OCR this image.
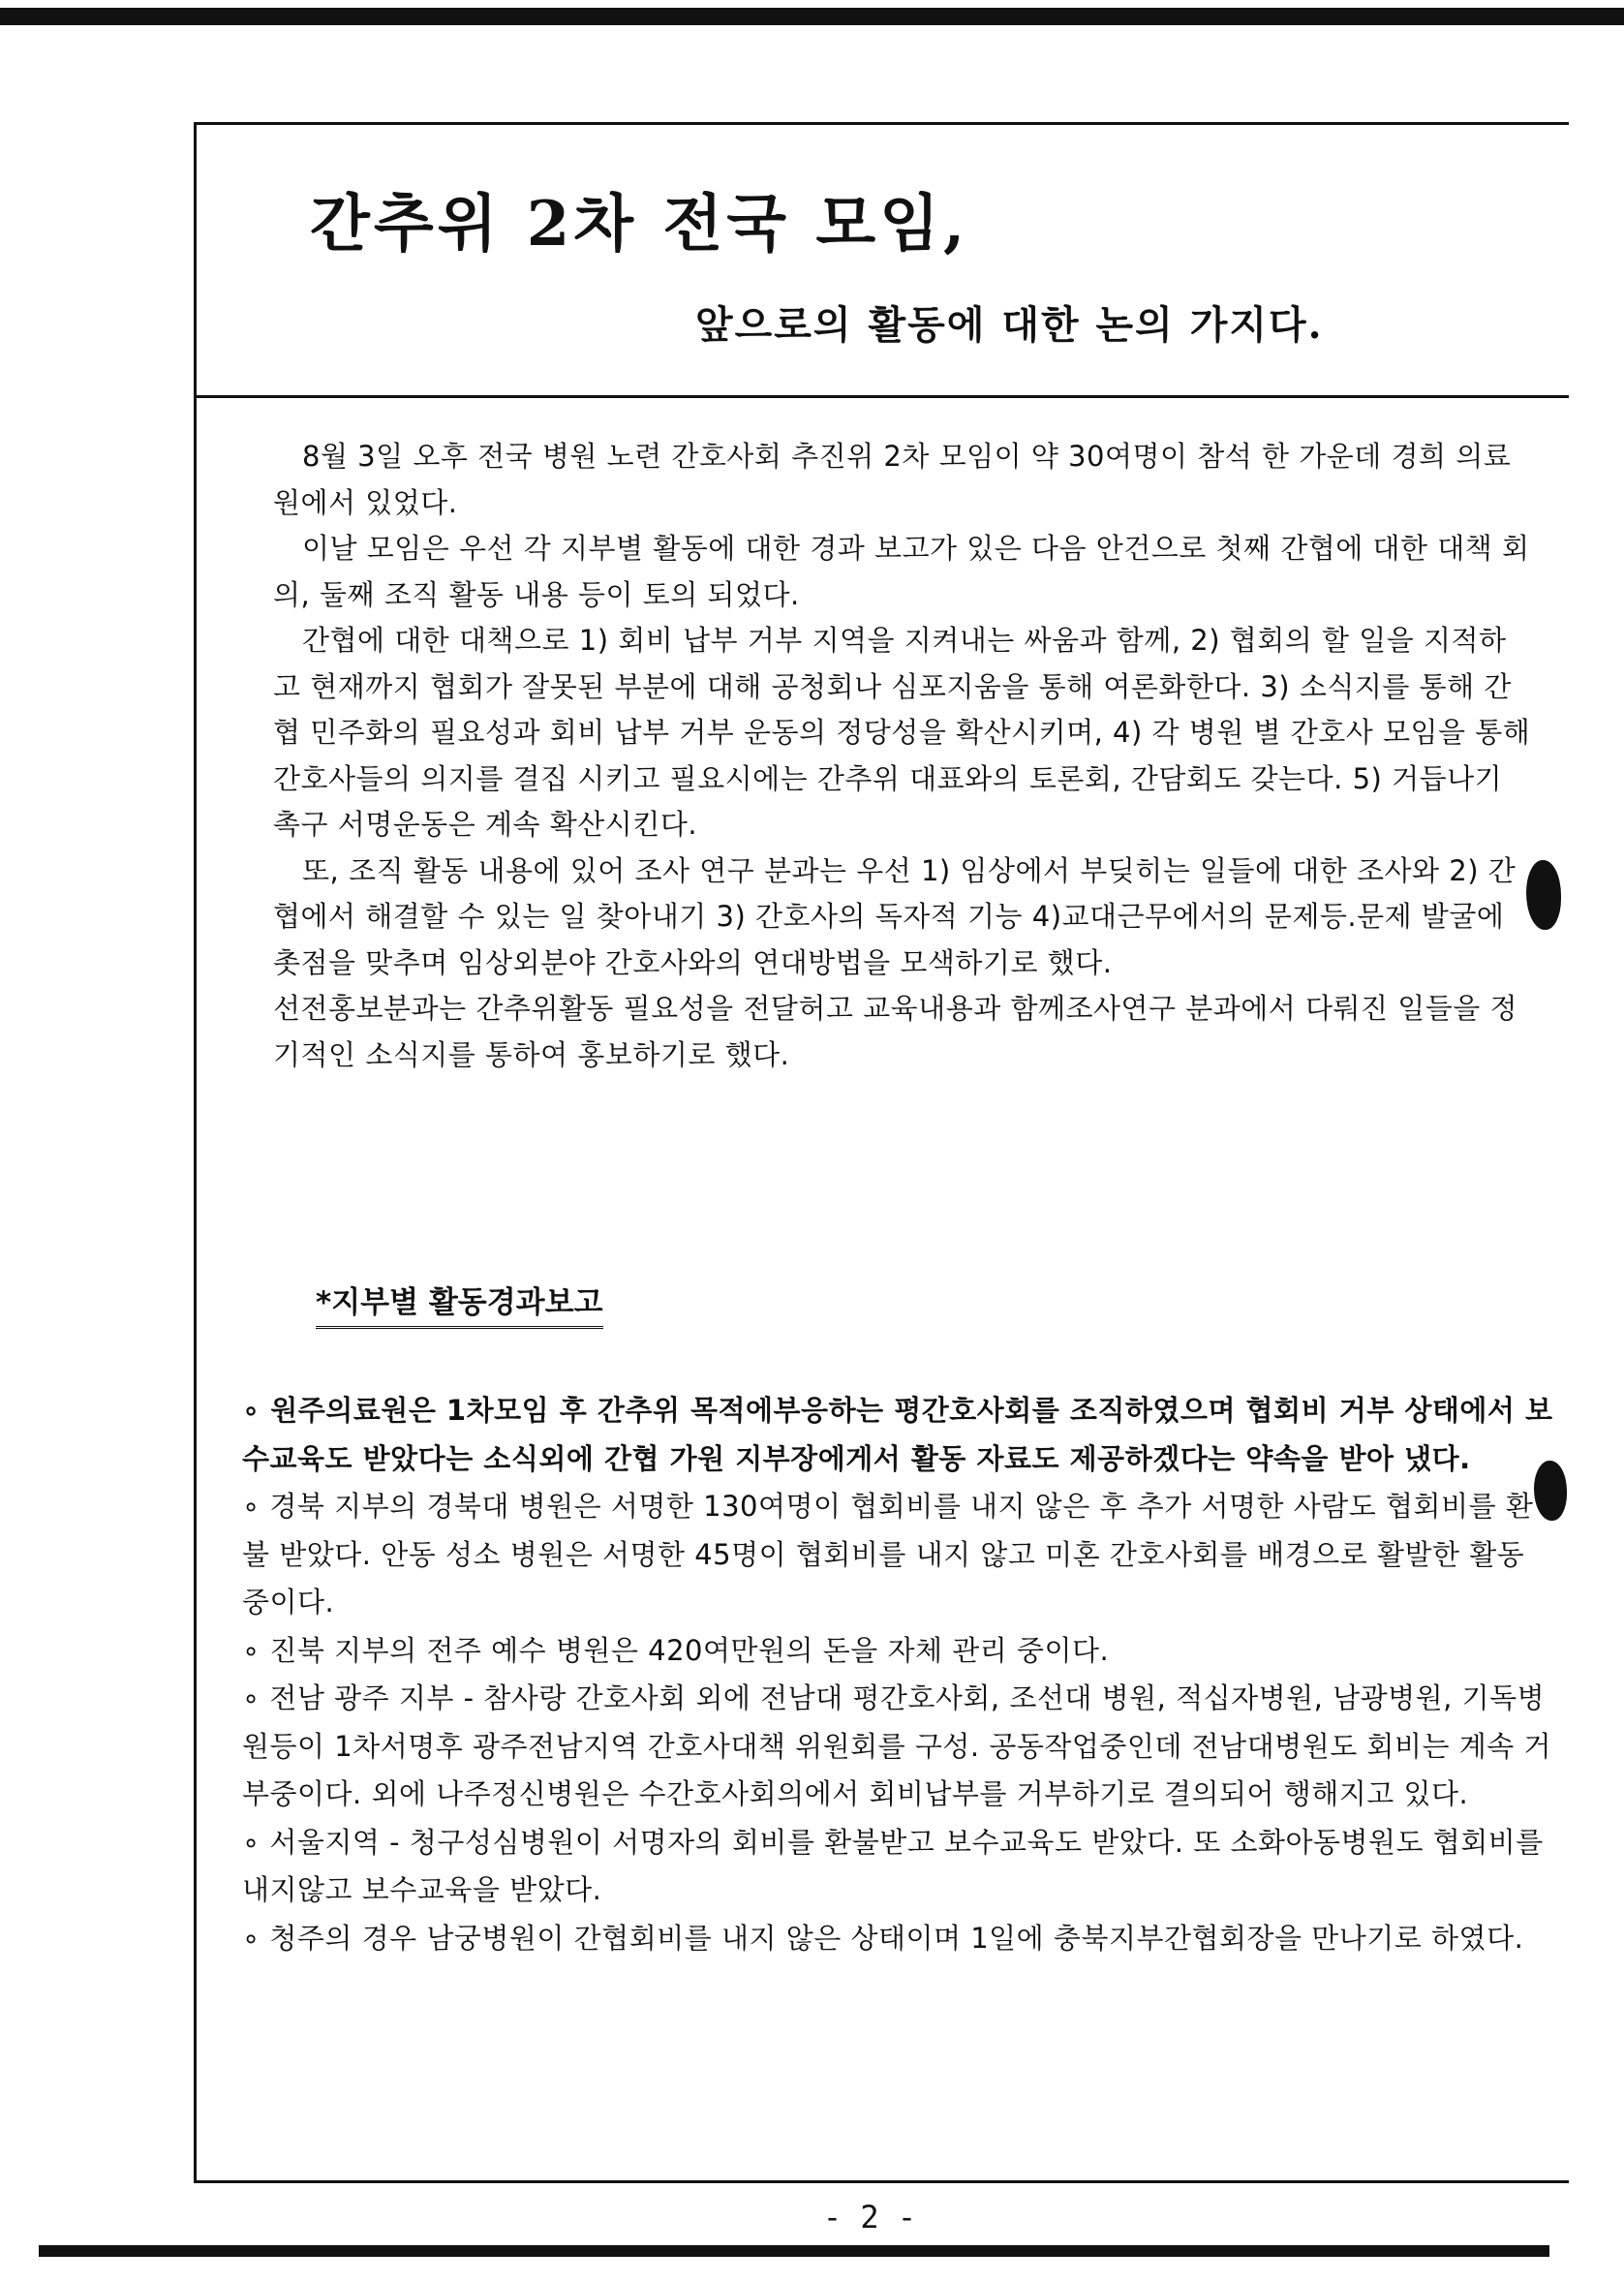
간추위 2차 전국 모임,
앞으로의 활동에 대한 논의 가지다.

8월 3일 오후 전국 병원 노련 간호사회 추진위 2차 모임이 약 30여명이 참석 한 가운데 경희 의료원에서 있었다.

이날 모임은 우선 각 지부별 활동에 대한 경과 보고가 있은 다음 안건으로 첫째 간협에 대한 대책 회의, 둘째 조직 활동 내용 등이 토의 되었다.

간협에 대한 대책으로 1) 회비 납부 거부 지역을 지켜내는 싸움과 함께, 2) 협회의 할 일을 지적하고 현재까지 협회가 잘못된 부분에 대해 공청회나 심포지움을 통해 여론화한다. 3) 소식지를 통해 간협 민주화의 필요성과 회비 납부 거부 운동의 정당성을 확산시키며, 4) 각 병원 별 간호사 모임을 통해 간호사들의 의지를 결집 시키고 필요시에는 간추위 대표와의 토론회, 간담회도 갖는다. 5) 거듭나기 촉구 서명운동은 계속 확산시킨다.

또, 조직 활동 내용에 있어 조사 연구 분과는 우선 1) 임상에서 부딪히는 일들에 대한 조사와 2) 간협에서 해결할 수 있는 일 찾아내기 3) 간호사의 독자적 기능 4)교대근무에서의 문제등.문제 발굴에 촛점을 맞추며 임상외분야 간호사와의 연대방법을 모색하기로 했다.

선전홍보분과는 간추위활동 필요성을 전달허고 교육내용과 함께조사연구 분과에서 다뤄진 일들을 정기적인 소식지를 통하여 홍보하기로 했다.

*지부별 활동경과보고

∘ 원주의료원은 1차모임 후 간추위 목적에부응하는 평간호사회를 조직하였으며 협회비 거부 상태에서 보수교육도 받았다는 소식외에 간협 가원 지부장에게서 활동 자료도 제공하겠다는 약속을 받아 냈다.

∘ 경북 지부의 경북대 병원은 서명한 130여명이 협회비를 내지 않은 후 추가 서명한 사람도 협회비를 환불 받았다. 안동 성소 병원은 서명한 45명이 협회비를 내지 않고 미혼 간호사회를 배경으로 활발한 활동 중이다.

∘ 진북 지부의 전주 예수 병원은 420여만원의 돈을 자체 관리 중이다.

∘ 전남 광주 지부 - 참사랑 간호사회 외에 전남대 평간호사회, 조선대 병원, 적십자병원, 남광병원, 기독병원등이 1차서명후 광주전남지역 간호사대책 위원회를 구성. 공동작업중인데 전남대병원도 회비는 계속 거부중이다. 외에 나주정신병원은 수간호사회의에서 회비납부를 거부하기로 결의되어 행해지고 있다.

∘ 서울지역 - 청구성심병원이 서명자의 회비를 환불받고 보수교육도 받았다. 또 소화아동병원도 협회비를 내지않고 보수교육을 받았다.

∘ 청주의 경우 남궁병원이 간협회비를 내지 않은 상태이며 1일에 충북지부간협회장을 만나기로 하였다.

- 2 -
